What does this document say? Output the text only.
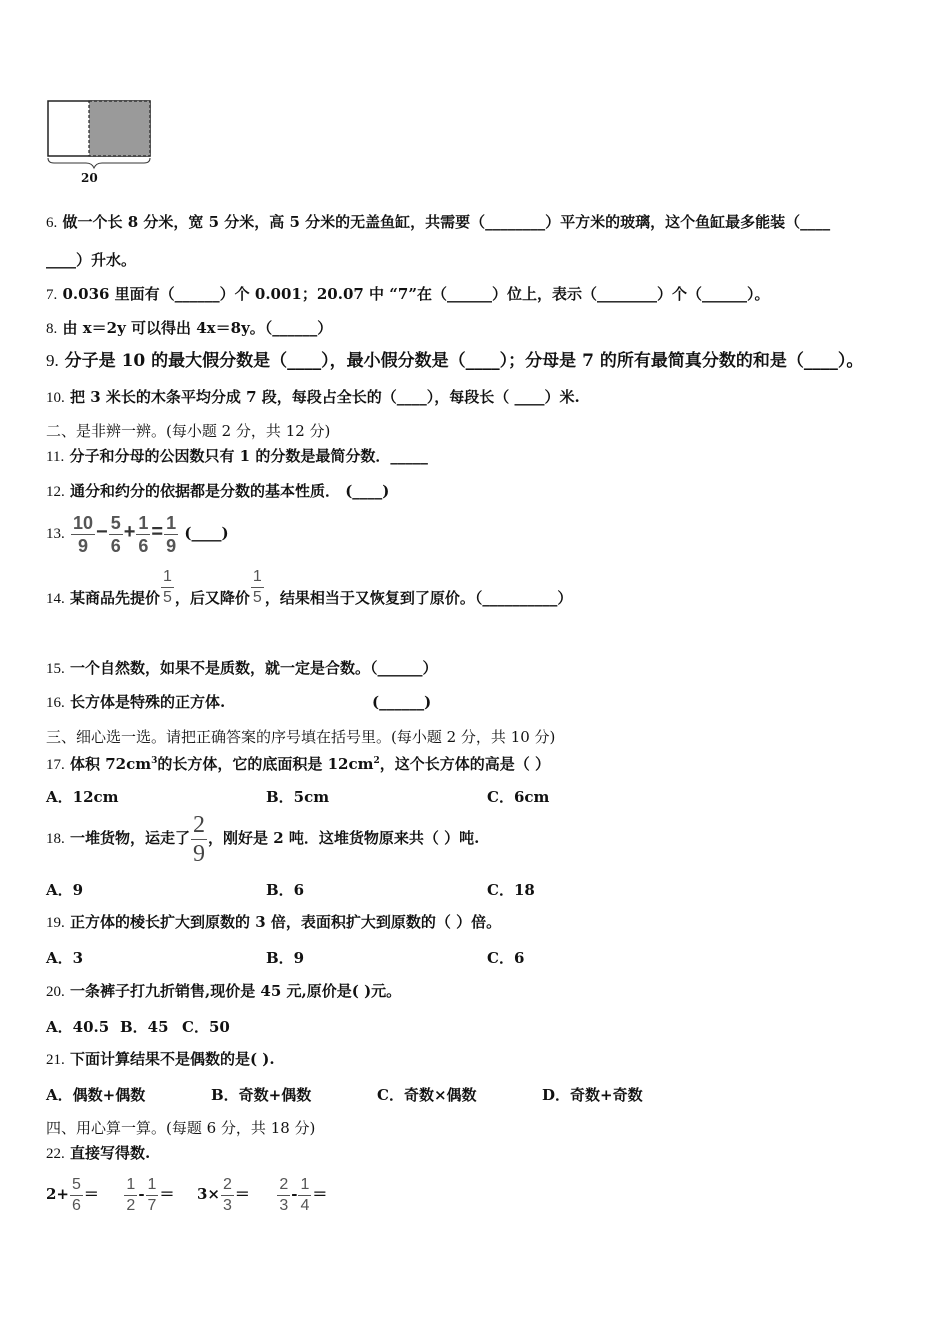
20
6. 做一个长 8 分米，宽 5 分米，高 5 分米的无盖鱼缸，共需要（________）平方米的玻璃，这个鱼缸最多能装（____
____）升水。
7. 0.036 里面有（______）个 0.001；20.07 中 “7”在（______）位上，表示（________）个（______）。
8. 由 x＝2y 可以得出 4x＝8y。（______）
9. 分子是 10 的最大假分数是（____），最小假分数是（____）；分母是 7 的所有最简真分数的和是（____）。
10. 把 3 米长的木条平均分成 7 段，每段占全长的（____），每段长（ ____）米.
二、是非辨一辨。(每小题 2 分，共 12 分)
11. 分子和分母的公因数只有 1 的分数是最简分数．_____
12. 通分和约分的依据都是分数的基本性质． (____)
13. $\frac{10}{9} - \frac{5}{6} + \frac{1}{6} = \frac{1}{9}$ (____)
14. 某商品先提价 $\frac{1}{5}$ ，后又降价 $\frac{1}{5}$ ，结果相当于又恢复到了原价。（__________）
15. 一个自然数，如果不是质数，就一定是合数。（______）
16. 长方体是特殊的正方体.	(______)
三、细心选一选。请把正确答案的序号填在括号里。(每小题 2 分，共 10 分)
17. 体积 $72cm^3$的长方体，它的底面积是 $12cm^2$，这个长方体的高是（ ）
A．12cm	B．5cm	C．6cm
18. 一堆货物，运走了 $\frac{2}{9}$ ，刚好是 2 吨．这堆货物原来共（ ）吨.
A．9	B．6	C．18
19. 正方体的棱长扩大到原数的 3 倍，表面积扩大到原数的（ ）倍。
A．3	B．9	C．6
20. 一条裤子打九折销售,现价是 45 元,原价是( )元。
A．40.5 B．45 C．50
21. 下面计算结果不是偶数的是( ).
A．偶数+偶数	B．奇数+偶数	C．奇数×偶数	D．奇数+奇数
四、用心算一算。(每题 6 分，共 18 分)
22. 直接写得数.
$2+ \frac{5}{6} = \frac{1}{2} - \frac{1}{7} = 3\times \frac{2}{3} = \frac{2}{3} - \frac{1}{4}$ ＝
